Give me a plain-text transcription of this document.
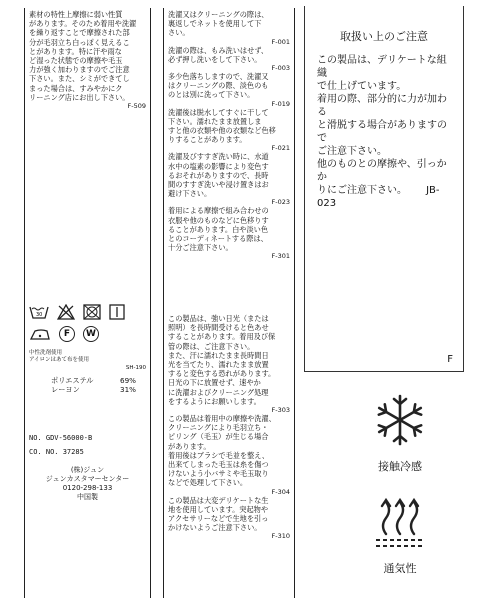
素材の特性上摩擦に弱い性質
があります。そのため着用や洗濯
を繰り返すことで摩擦された部
分が毛羽立ち白っぽく見えるこ
とがあります。特に汗や雨な
ど湿った状態での摩擦や毛玉
力が強く加わりますのでご注意
下さい。また、シミができてし
まった場合は、すみやかにク
リーニング店にお出し下さい。

F-509

30
F	W

中性洗剤使用
アイロンはあて布を使用

SH-190

ポリエステル	69%
レーヨン	31%
NO. GDV-56000-B
CO. NO. 37285
(株)ジュン
ジュンカスタマーセンター
0120-298-133
中国製

洗濯又はクリーニングの際は、
裏返しでネットを使用して下
さい。

F-001

洗濯の際は、もみ洗いはせず、
必ず押し洗いをして下さい。

F-003

多少色落ちしますので、洗濯又
はクリーニングの際、淡色のも
のとは別に洗って下さい。

F-019

洗濯後は脱水してすぐに干して
下さい。濡れたまま放置しま
すと他の衣類や他の衣類など色移
りすることがあります。

F-021

洗濯及びすすぎ洗い時に、水道
水中の塩素の影響により変色す
るおそれがありますので、長時
間のすすぎ洗いや浸け置きはお
避け下さい。

F-023

着用による摩擦で組み合わせの
衣服や他のものなどに色移りす
ることがあります。白や淡い色
とのコーディネートする際は、
十分ご注意下さい。

F-301

この製品は、強い日光（または
照明）を長時間受けると色あせ
することがあります。着用及び保
管の際は、ご注意下さい。
また、汗に濡れたまま長時間日
光を当てたり、濡れたまま放置
すると変色する恐れがあります。
日光の下に放置せず、速やか
に洗濯およびクリーニング処理
をするようにお願いします。

F-303

この製品は着用中の摩擦や洗濯、
クリーニングにより毛羽立ち・
ピリング（毛玉）が生じる場合
があります。
着用後はブラシで毛並を整え、
出来てしまった毛玉は糸を傷つ
けないよう小バサミや毛玉取り
などで処理して下さい。

F-304

この製品は大変デリケートな生
地を使用しています。突起物や
アクセサリーなどで生地を引っ
かけないようご注意下さい。

F-310

取扱い上のご注意

この製品は、デリケートな組織
で仕上げています。
着用の際、部分的に力が加わる
と滑脱する場合がありますので
ご注意下さい。
他のものとの摩擦や、引っかか
りにご注意下さい。      JB-023

F
接触冷感
通気性
